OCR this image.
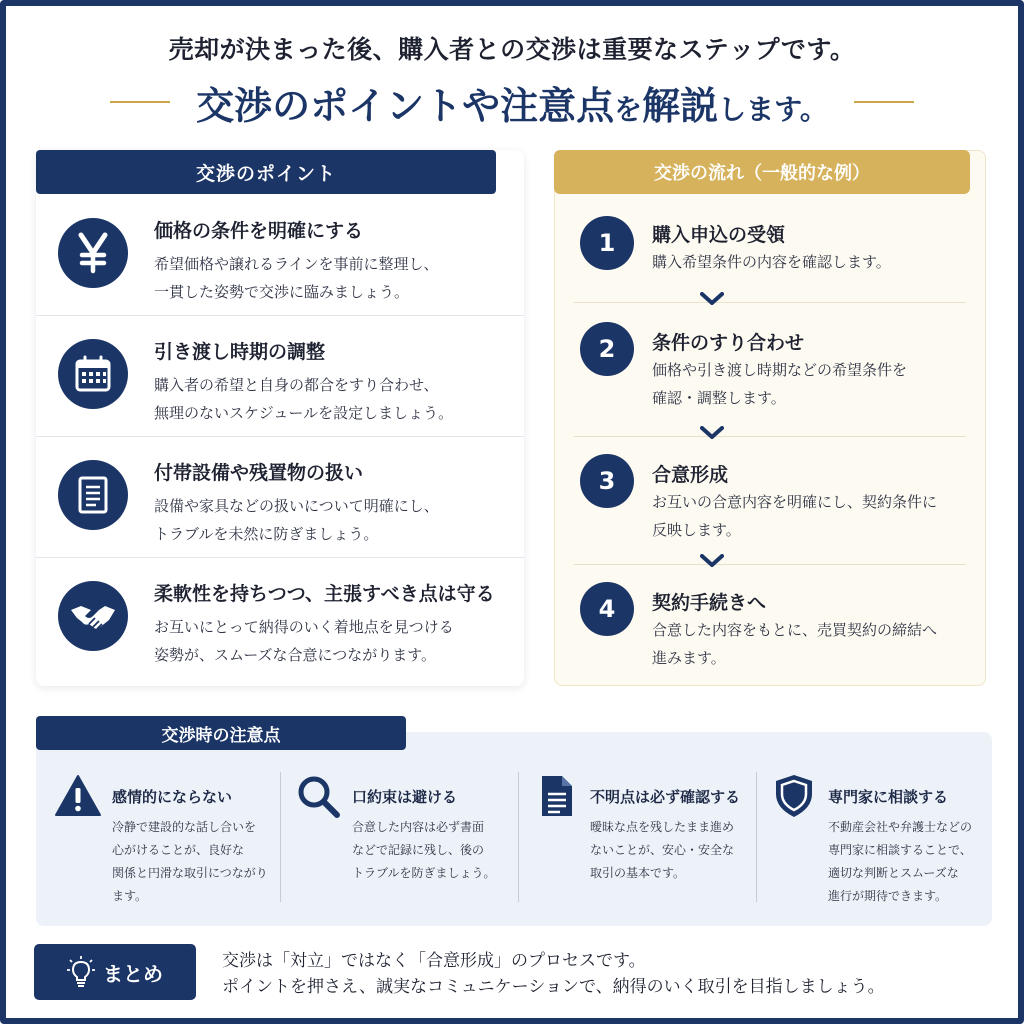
売却が決まった後、購入者との交渉は重要なステップです。
交渉のポイントや注意点を解説します。
交渉のポイント
価格の条件を明確にする
希望価格や譲れるラインを事前に整理し、
一貫した姿勢で交渉に臨みましょう。
引き渡し時期の調整
購入者の希望と自身の都合をすり合わせ、
無理のないスケジュールを設定しましょう。
付帯設備や残置物の扱い
設備や家具などの扱いについて明確にし、
トラブルを未然に防ぎましょう。
柔軟性を持ちつつ、主張すべき点は守る
お互いにとって納得のいく着地点を見つける
姿勢が、スムーズな合意につながります。
交渉の流れ（一般的な例）
1	購入申込の受領
購入希望条件の内容を確認します。
2	条件のすり合わせ
価格や引き渡し時期などの希望条件を
確認・調整します。
3	合意形成
お互いの合意内容を明確にし、契約条件に
反映します。
4	契約手続きへ
合意した内容をもとに、売買契約の締結へ
進みます。
交渉時の注意点
感情的にならない
冷静で建設的な話し合いを
心がけることが、良好な
関係と円滑な取引につながり
ます。
口約束は避ける
合意した内容は必ず書面
などで記録に残し、後の
トラブルを防ぎましょう。
不明点は必ず確認する
曖昧な点を残したまま進め
ないことが、安心・安全な
取引の基本です。
専門家に相談する
不動産会社や弁護士などの
専門家に相談することで、
適切な判断とスムーズな
進行が期待できます。
まとめ
交渉は「対立」ではなく「合意形成」のプロセスです。
ポイントを押さえ、誠実なコミュニケーションで、納得のいく取引を目指しましょう。
